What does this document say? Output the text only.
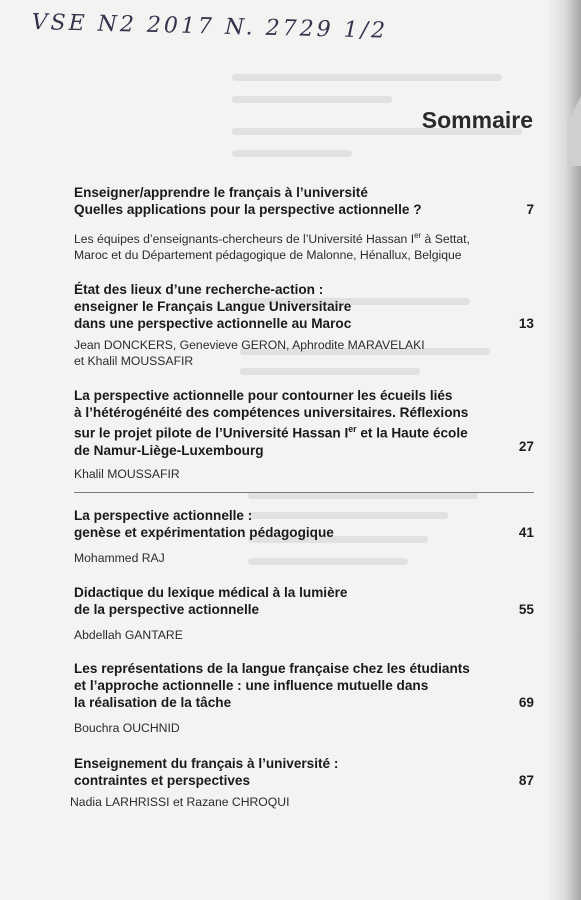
VSE N2 2017 N. 2729 1/2
Sommaire
7
Enseigner/apprendre le français à l’université
Quelles applications pour la perspective actionnelle ?
Les équipes d’enseignants-chercheurs de l’Université Hassan Ier à Settat,
Maroc et du Département pédagogique de Malonne, Hénallux, Belgique
13
État des lieux d’une recherche-action :
enseigner le Français Langue Universitaire
dans une perspective actionnelle au Maroc
Jean DONCKERS, Genevieve GERON, Aphrodite MARAVELAKI
et Khalil MOUSSAFIR
27
La perspective actionnelle pour contourner les écueils liés
à l’hétérogénéité des compétences universitaires. Réflexions
sur le projet pilote de l’Université Hassan Ier et la Haute école
de Namur-Liège-Luxembourg
Khalil MOUSSAFIR
41
La perspective actionnelle :
genèse et expérimentation pédagogique
Mohammed RAJ
55
Didactique du lexique médical à la lumière
de la perspective actionnelle
Abdellah GANTARE
69
Les représentations de la langue française chez les étudiants
et l’approche actionnelle : une influence mutuelle dans
la réalisation de la tâche
Bouchra OUCHNID
87
Enseignement du français à l’université :
contraintes et perspectives
Nadia LARHRISSI et Razane CHROQUI
